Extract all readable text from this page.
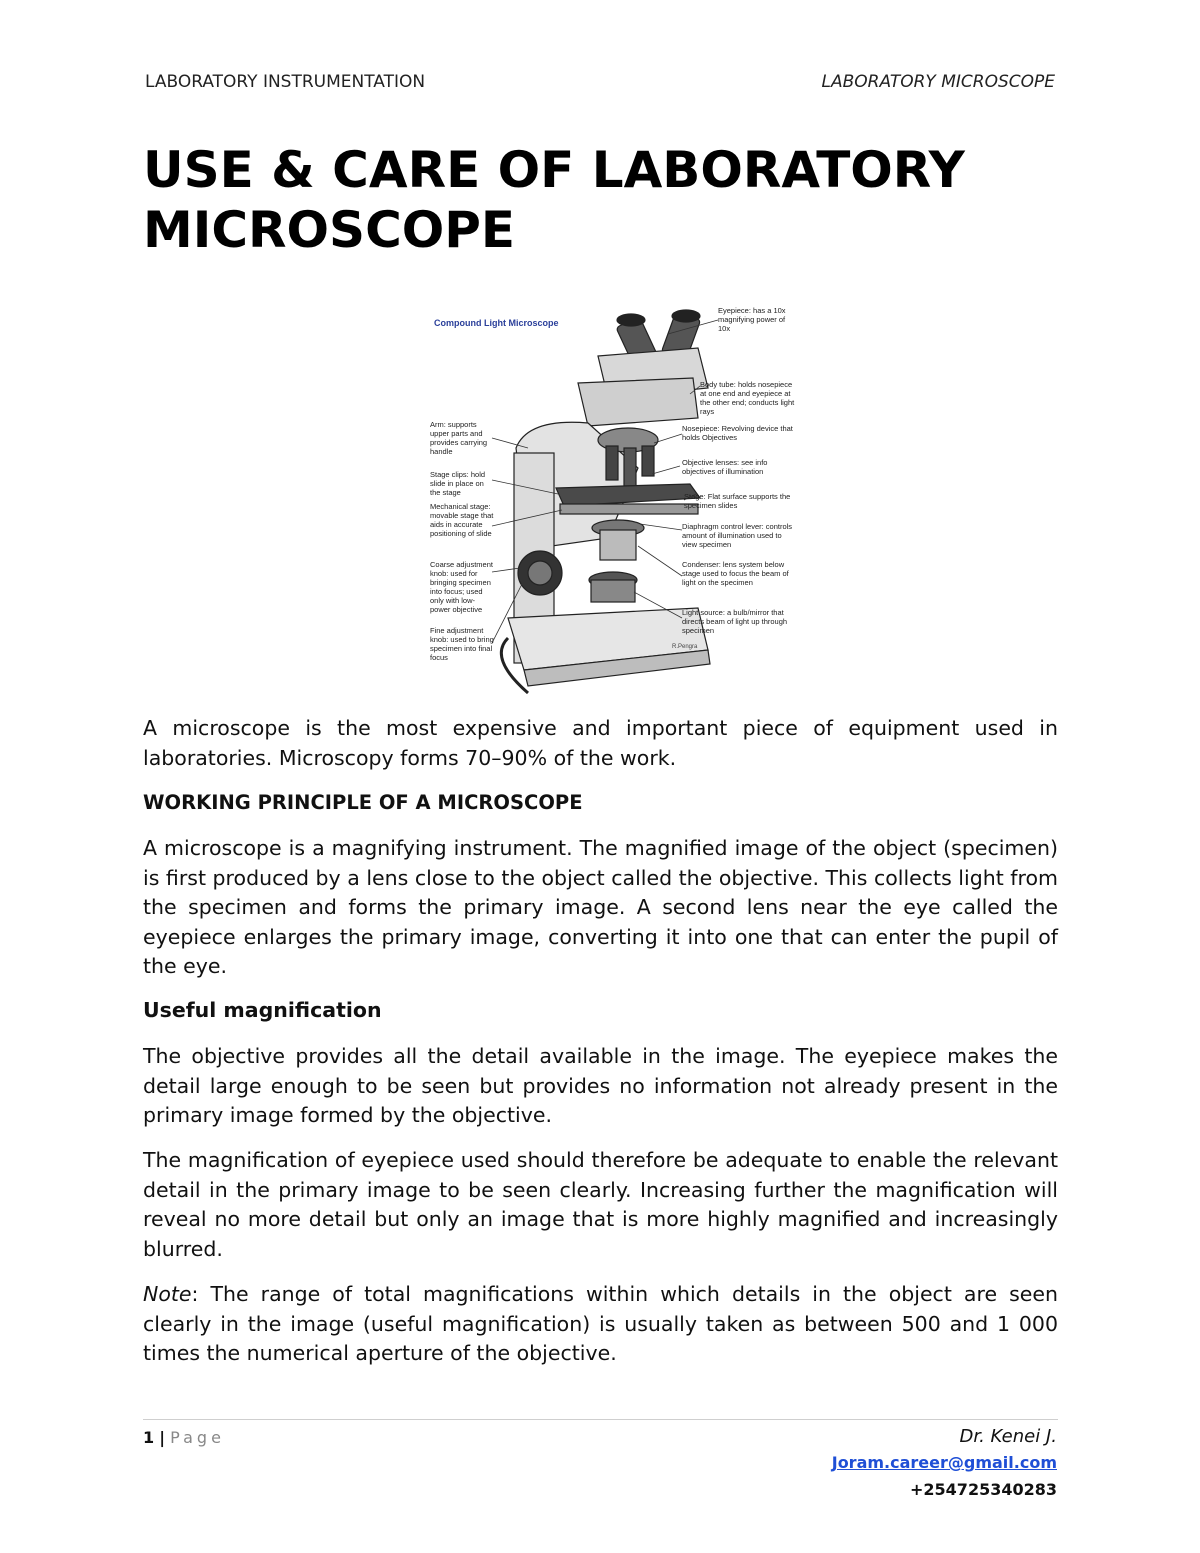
LABORATORY INSTRUMENTATION	LABORATORY MICROSCOPE
USE & CARE OF LABORATORY MICROSCOPE
Compound Light Microscope
Eyepiece: has a 10x magnifying power of 10x
Body tube: holds nosepiece at one end and eyepiece at the other end; conducts light rays
Nosepiece: Revolving device that holds Objectives
Objective lenses: see info objectives of illumination
Stage: Flat surface supports the specimen slides
Diaphragm control lever: controls amount of illumination used to view specimen
Condenser: lens system below stage used to focus the beam of light on the specimen
Light source: a bulb/mirror that directs beam of light up through specimen
Arm: supports upper parts and provides carrying handle
Stage clips: hold slide in place on the stage
Mechanical stage: movable stage that aids in accurate positioning of slide
Coarse adjustment knob: used for bringing specimen into focus; used only with low-power objective
Fine adjustment knob: used to bring specimen into final focus
R.Pengra

A microscope is the most expensive and important piece of equipment used in laboratories. Microscopy forms 70–90% of the work.

WORKING PRINCIPLE OF A MICROSCOPE

A microscope is a magnifying instrument. The magnified image of the object (specimen) is first produced by a lens close to the object called the objective. This collects light from the specimen and forms the primary image. A second lens near the eye called the eyepiece enlarges the primary image, converting it into one that can enter the pupil of the eye.

Useful magnification

The objective provides all the detail available in the image. The eyepiece makes the detail large enough to be seen but provides no information not already present in the primary image formed by the objective.

The magnification of eyepiece used should therefore be adequate to enable the relevant detail in the primary image to be seen clearly. Increasing further the magnification will reveal no more detail but only an image that is more highly magnified and increasingly blurred.

Note: The range of total magnifications within which details in the object are seen clearly in the image (useful magnification) is usually taken as between 500 and 1 000 times the numerical aperture of the objective.

1 | Page	Dr. Kenei J.
Joram.career@gmail.com
+254725340283
